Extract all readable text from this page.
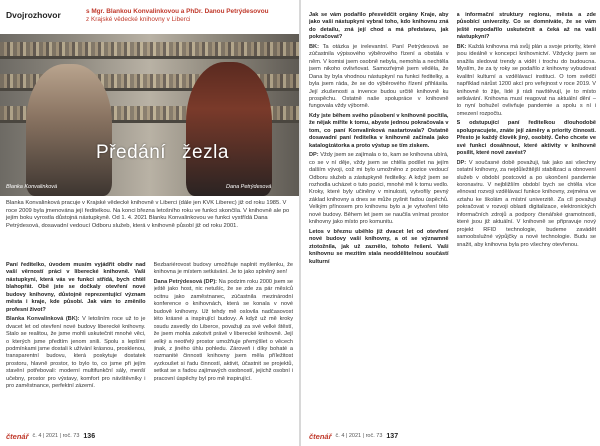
Dvojrozhovor	s Mgr. Blankou Konvalinkovou a PhDr. Danou Petrýdesovou
z Krajské vědecké knihovny v Liberci
Předání žezla
Blanka Konvalinková	Dana Petrýdesová
Blanka Konvalinková pracuje v Krajské vědecké knihovně v Liberci (dále jen KVK Liberec) již od roku 1985. V roce 2009 byla jmenována její ředitelkou. Na konci března letošního roku ve funkci skončila. V knihovně ale po jejím boku vyrostla důstojná nástupkyně. Od 1. 4. 2021 Blanku Konvalinkovou ve funkci vystřídá Dana Petrýdesová, dosavadní vedoucí Odboru služeb, která v knihovně působí již od roku 2001.

Paní ředitelko, úvodem musím vyjádřit obdiv nad vaší věrností práci v liberecké knihovně. Vaši nástupkyni, která vás ve funkci střídá, bych chtěl blahopřát. Obě jste se dočkaly otevření nové budovy knihovny, důstojně reprezentující význam města i kraje, kde působí. Jak vám to změnilo profesní život?

Blanka Konvalinková (BK): V letošním roce už to je dvacet let od otevření nové budovy liberecké knihovny. Stalo se realitou, že jsme mohli uskutečnit mnohé věci, o kterých jsme předtím jenom snili. Spolu s lepšími podmínkami jsme dostali k užívání krásnou, prosklenou, transparentní budovu, která poskytuje dostatek prostoru, hlavně prostor, to bylo to, co jsme při jejím stavění potřebovali: moderní multifunkční sály, menší učebny, prostor pro výstavy, komfort pro návštěvníky i pro zaměstnance, perfektní zázemí.

Bezbariérovost budovy umožňuje naplnit myšlenku, že knihovna je místem setkávání. Je to jako splněný sen!

Dana Petrýdesová (DP): Na podzim roku 2000 jsem se ještě jako host, nic netušíc, že se zde za pár měsíců ocitnu jako zaměstnanec, zúčastnila mezinárodní konference o knihovnách, která se konala v nové budově knihovny. Už tehdy mě oslovila nadčasovost této krásné a inspirující budovy. A když už mě kroky osudu zavedly do Liberce, považuji za své velké štěstí, že jsem mohla zakotvit právě v liberecké knihovně. Její velký a neotřelý prostor umožňuje přemýšlet o věcech jinak, z jiného úhlu pohledu. Zároveň i díky bohaté a rozmanité činnosti knihovny jsem měla příležitost vyzkoušet si řadu činností, aktivit, účastnit se projektů, setkat se s řadou zajímavých osobností, jejichž osobní i pracovní úspěchy byl pro mě inspirující.

čtenář č. 4 | 2021 | roč. 73 136

Jak se vám podařilo přesvědčit orgány Kraje, aby jako vaši nástupkyni vybral toho, kdo knihovnu zná do detailu, zná její chod a má představu, jak pokračovat?

BK: Ta otázka je irelevantní. Paní Petrýdesová se zúčastnila výpisového výběrového řízení a obstála v něm. V komisi jsem osobně nebyla, nemohla a nechtěla jsem nikoho ovlivňovat. Samozřejmě jsem věděla, že Dana by byla vhodnou nástupkyní na funkci ředitelky, a byla jsem ráda, že se do výběrového řízení přihlásila. Její zkušenosti a invence budou určitě knihovně ku prospěchu. Ostatně naše spolupráce v knihovně fungovala vždy výborně.

Kdy jste během svého působení v knihovně pocítila, že nějak míříte k tomu, abyste jednou pokračovala v tom, co paní Konvalinková nastartovala? Ostatně dosavadní paní ředitelka v knihovně začínala jako katalogizátorka a proto výstup se tím ziskem.

DP: Vždy jsem se zajímala o to, kam se knihovna ubírá, co se v ní děje, vždy jsem se chtěla podílet na jejím dalším vývoji, což mi bylo umožněno z pozice vedoucí Odboru služeb a zástupkyně ředitelky. A když jsem se rozhodla ucházet o tuto pozici, mnohé mě k tomu vedlo. Kroky, které byly učiněny v minulosti, vytvořily pevný základ knihovny a dnes se může pyšnit řadou úspěchů. Velkým přínosem pro knihovnu bylo a je vytvoření této nové budovy. Během let jsem se naučila vnímat prostor knihovny jako místo pro komunitu.

Letos v březnu uběhlo již dvacet let od otevření nové budovy vaší knihovny, a ot se významně ztotožnila, jak už zaznělo, tohoto řešení. Vaši knihovnu se mezitím stala neoddělitelnou součástí kulturní

a informační struktury regionu, města a zde působící univerzity. Co se domníváte, že se vám ještě nepodařilo uskutečnit a čeká až na vaši nástupkyni?

BK: Každá knihovna má svůj plán a svoje priority, které jsou ideálně v koncepci knihovnictví. Vždycky jsem se snažila sledovat trendy a vidět i trochu do budoucna. Myslím, že za ty roky se podařilo z knihovny vybudovat kvalitní kulturní a vzdělávací instituci. O tom svědčí například nárůst 1200 akcí pro veřejnost v roce 2019. V knihovně to žije, lidé ji rádi navštěvují, je to místo setkávání. Knihovna musí reagovat na aktuální dění – to nyní bohužel ovlivňuje pandemie a spolu s ní i omezení rozpočtu.

S odstupující paní ředitelkou dlouhodobě spolupracujete, znáte její záměry a priority činnosti. Přesto je každý člověk jiný, osobitý. Čeho chcete ve své funkci dosáhnout, které aktivity v knihovně posílit, které nově zavést?

DP: V současné době považuji, tak jako asi všechny ostatní knihovny, za nejdůležitější stabilizaci a obnovení služeb v období postcovid a po ukončení pandemie koronaviru. V nejbližším období bych se chtěla více věnovat rozvoji vzdělávací funkce knihovny, zejména ve vztahu ke školám a místní univerzitě. Za cíl považuji pokračovat v rozvoji oblasti digitalizace, elektronických informačních zdrojů a podpory čtenářské gramotnosti, které jsou již aktuální. V knihovně se připravuje nový projekt RFID technologie, budeme zavádět samoobslužné výpůjčky a nové technologie. Budu se snažit, aby knihovna byla pro všechny otevřenou.

čtenář č. 4 | 2021 | roč. 73 137
